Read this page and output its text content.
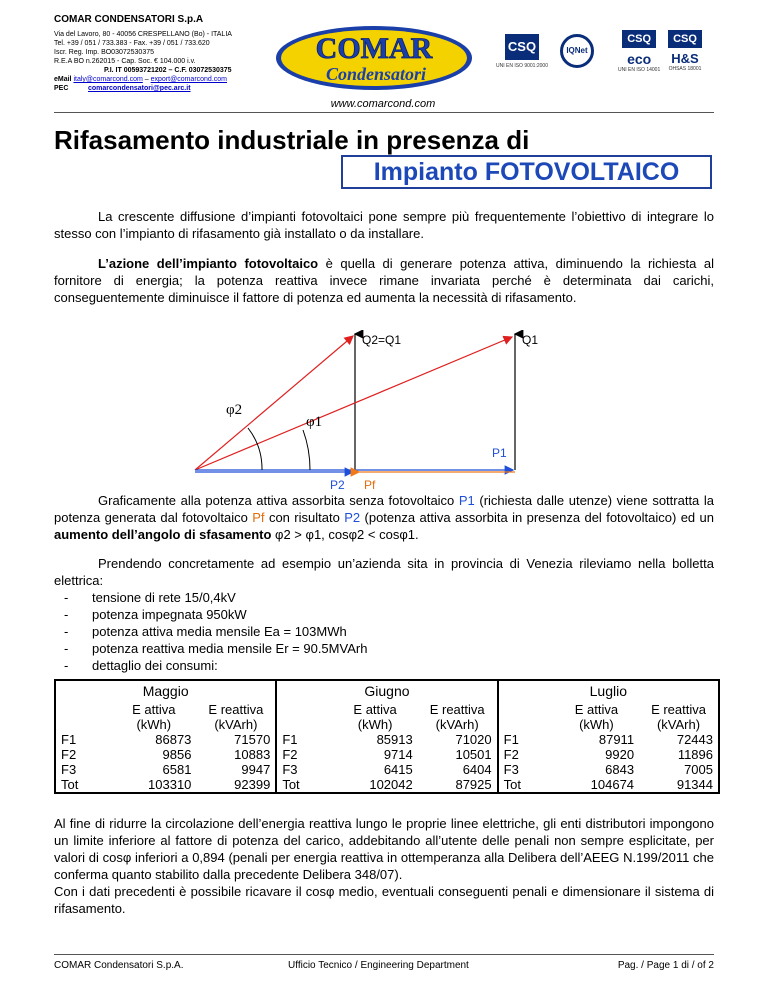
COMAR CONDENSATORI S.p.A
Via del Lavoro, 80 - 40056 CRESPELLANO (Bo) - ITALIA
Tel. +39 / 051 / 733.383 - Fax. +39 / 051 / 733.620
Iscr. Reg. Imp. BO03072530375
R.E.A BO n.262015 - Cap. Soc. € 104.000 i.v.
P.I. IT 00593721202 – C.F. 03072530375
eMail italy@comarcond.com – export@comarcond.com
PEC	comarcondensatori@pec.arc.it
COMAR
Condensatori
CSQ
UNI EN ISO 9001:2000
IQNet
CSQ
eco
UNI EN ISO 14001
CSQ
H&S
OHSAS 18001
www.comarcond.com
Rifasamento industriale in presenza di
Impianto FOTOVOLTAICO

La crescente diffusione d’impianti fotovoltaici pone sempre più frequentemente l’obiettivo di integrare lo stesso con l’impianto di rifasamento già installato o da installare.

L’azione dell’impianto fotovoltaico è quella di generare potenza attiva, diminuendo la richiesta al fornitore di energia; la potenza reattiva invece rimane invariata perché è determinata dai carichi, conseguentemente diminuisce il fattore di potenza ed aumenta la necessità di rifasamento.

Q2=Q1	Q1
φ2
φ1
P1
P2 Pf

Graficamente alla potenza attiva assorbita senza fotovoltaico P1 (richiesta dalle utenze) viene sottratta la potenza generata dal fotovoltaico Pf con risultato P2 (potenza attiva assorbita in presenza del fotovoltaico) ed un aumento dell’angolo di sfasamento φ2 > φ1, cosφ2 < cosφ1.

Prendendo concretamente ad esempio un’azienda sita in provincia di Venezia rileviamo nella bolletta elettrica:

-	tensione di rete 15/0,4kV
-	potenza impegnata 950kW
-	potenza attiva media mensile Ea = 103MWh
-	potenza reattiva media mensile Er = 90.5MVArh
-	dettaglio dei consumi:
Maggio			Giugno			Luglio		
	E attiva
(kWh)	E reattiva
(kVArh)		E attiva
(kWh)	E reattiva
(kVArh)		E attiva
(kWh)	E reattiva
(kVArh)
F1	86873	71570	F1	85913	71020	F1	87911	72443
F2	9856	10883	F2	9714	10501	F2	9920	11896
F3	6581	9947	F3	6415	6404	F3	6843	7005
Tot	103310	92399	Tot	102042	87925	Tot	104674	91344
Al fine di ridurre la circolazione dell’energia reattiva lungo le proprie linee elettriche, gli enti distributori impongono un limite inferiore al fattore di potenza del carico, addebitando all’utente delle penali non sempre esplicitate, per valori di cosφ inferiori a 0,894 (penali per energia reattiva in ottemperanza alla Delibera dell’AEEG N.199/2011 che conferma quanto stabilito dalla precedente Delibera 348/07).
Con i dati precedenti è possibile ricavare il cosφ medio, eventuali conseguenti penali e dimensionare il sistema di rifasamento.
COMAR Condensatori S.p.A.	Ufficio Tecnico / Engineering Department	Pag. / Page 1 di / of 2
